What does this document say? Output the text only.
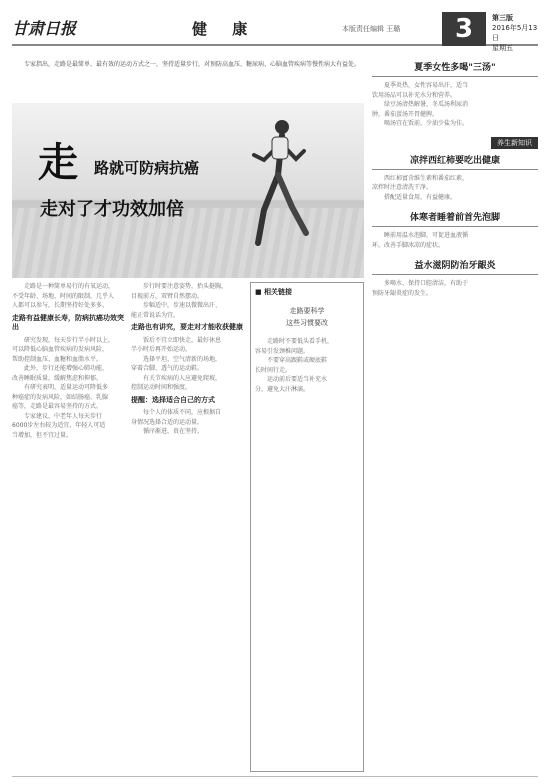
甘肃日报	健 康	本版责任编辑 王璐	3	第三版
2016年5月13日
星期五
专家指出，走路是最简单、最有效的运动方式之一，坚持适量步行，对预防高血压、糖尿病、心脑血管疾病等慢性病大有益处。
走 路就可防病抗癌
走对了才功效加倍
　　走路是一种简单易行的有氧运动，
不受年龄、场地、时间的限制，几乎人
人都可以参与，长期坚持好处多多。
走路有益健康长寿，防病抗癌功效突出
　　研究发现，每天步行半小时以上，
可以降低心脑血管疾病的发病风险，
帮助控制血压、血糖和血脂水平。
　　此外，步行还能增强心肺功能，
改善睡眠质量，缓解焦虑和抑郁。
　　有研究表明，适量运动可降低多
种癌症的发病风险，如结肠癌、乳腺
癌等，走路是最容易坚持的方式。
　　专家建议，中老年人每天步行
6000步左右较为适宜，年轻人可适
当增加，但不宜过量。
　　步行时要注意姿势，抬头挺胸，
目视前方，双臂自然摆动。
　　步幅适中，步速以微微出汗、
能正常说话为宜。
走路也有讲究，要走对才能收获健康
　　饭后不宜立即快走，最好休息
半小时后再开始运动。
　　选择平坦、空气清新的场地，
穿着合脚、透气的运动鞋。
　　有关节疾病的人应避免爬坡，
控制运动时间和强度。
提醒：选择适合自己的方式
　　每个人的体质不同，应根据自
身情况选择合适的运动量。
　　循序渐进，贵在坚持。
■ 相关链接
走路要科学
这些习惯要改
　　走路时不要低头看手机，
容易引发颈椎问题。
　　不要穿高跟鞋或硬底鞋
长时间行走。
　　运动前后要适当补充水
分，避免大汗淋漓。
夏季女性多喝"三汤"
　　夏季炎热，女性容易出汗，适当
饮用汤品可以补充水分和营养。
　　绿豆汤清热解暑，冬瓜汤利尿消
肿，番茄蛋汤开胃健脾。
　　喝汤宜在饭前，少油少盐为佳。
养生新知识
凉拌西红柿要吃出健康
　　西红柿富含维生素和番茄红素，
凉拌时注意清洗干净。
　　搭配适量食用，有益健康。
体寒者睡着前首先泡脚
　　睡前用温水泡脚，可促进血液循
环，改善手脚冰凉的症状。
益水滋阴防治牙龈炎
　　多喝水、保持口腔清洁，有助于
预防牙龈炎症的发生。
